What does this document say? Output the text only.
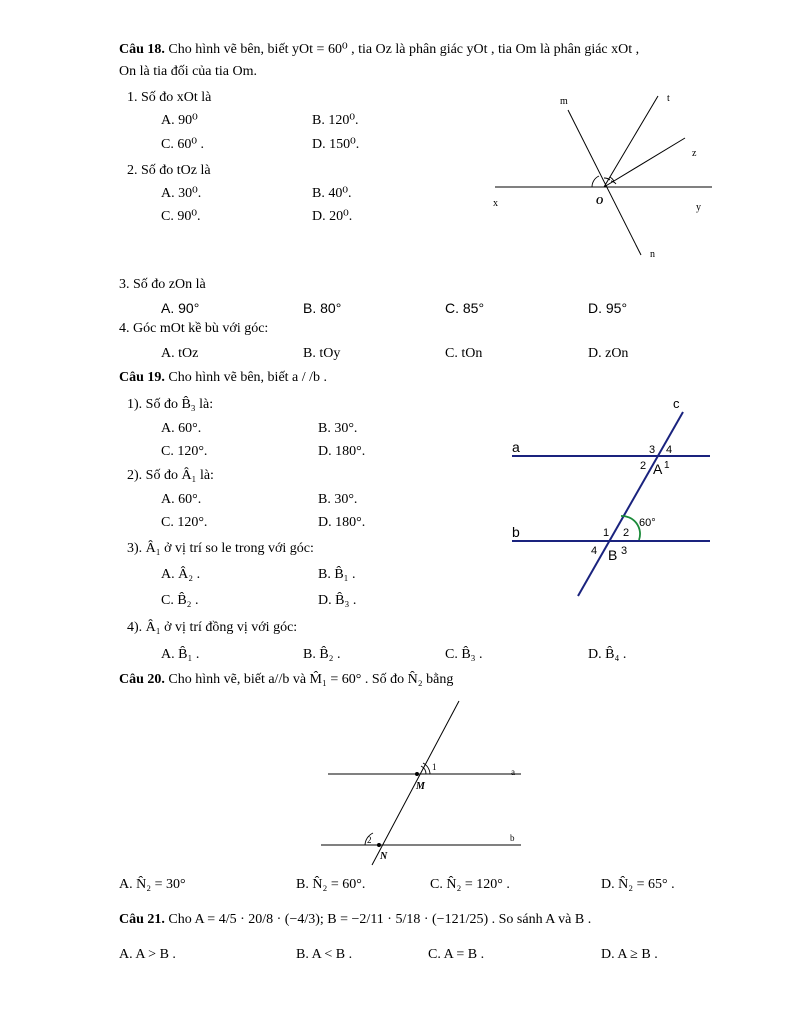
Câu 18. Cho hình vẽ bên, biết yOt = 60⁰ , tia Oz là phân giác yOt , tia Om là phân giác xOt ,
On là tia đối của tia Om.
1. Số đo xOt là
A. 90⁰	B. 120⁰.
C. 60⁰ .	D. 150⁰.
2. Số đo tOz là
A. 30⁰.	B. 40⁰.
C. 90⁰.	D. 20⁰.
m	t
z
x	O
y
n
3. Số đo zOn là
A. 90°	B. 80°	C. 85°	D. 95°
4. Góc mOt kề bù với góc:
A. tOz	B. tOy	C. tOn	D. zOn
Câu 19. Cho hình vẽ bên, biết a / /b .
1). Số đo B̂₃ là:
A. 60°.	B. 30°.
C. 120°.	D. 180°.
2). Số đo Â₁ là:
A. 60°.	B. 30°.
C. 120°.	D. 180°.
3). Â₁ ở vị trí so le trong với góc:
A. Â₂ .	B. B̂₁ .
C. B̂₂ .	D. B̂₃ .
4). Â₁ ở vị trí đồng vị với góc:
A. B̂₁ .	B. B̂₂ .	C. B̂₃ .	D. B̂₄ .
c
a
b
3 4
2 A 1
60°
1 2
4 B 3
Câu 20. Cho hình vẽ, biết a//b và M̂₁ = 60° . Số đo N̂₂ bằng
1	a
M
2	b
N
A. N̂₂ = 30°	B. N̂₂ = 60°.	C. N̂₂ = 120° .	D. N̂₂ = 65° .
Câu 21. Cho A = 4/5 · 20/8 · (−4/3); B = −2/11 · 5/18 · (−121/25) . So sánh A và B .
A. A > B .	B. A < B .	C. A = B .	D. A ≥ B .
